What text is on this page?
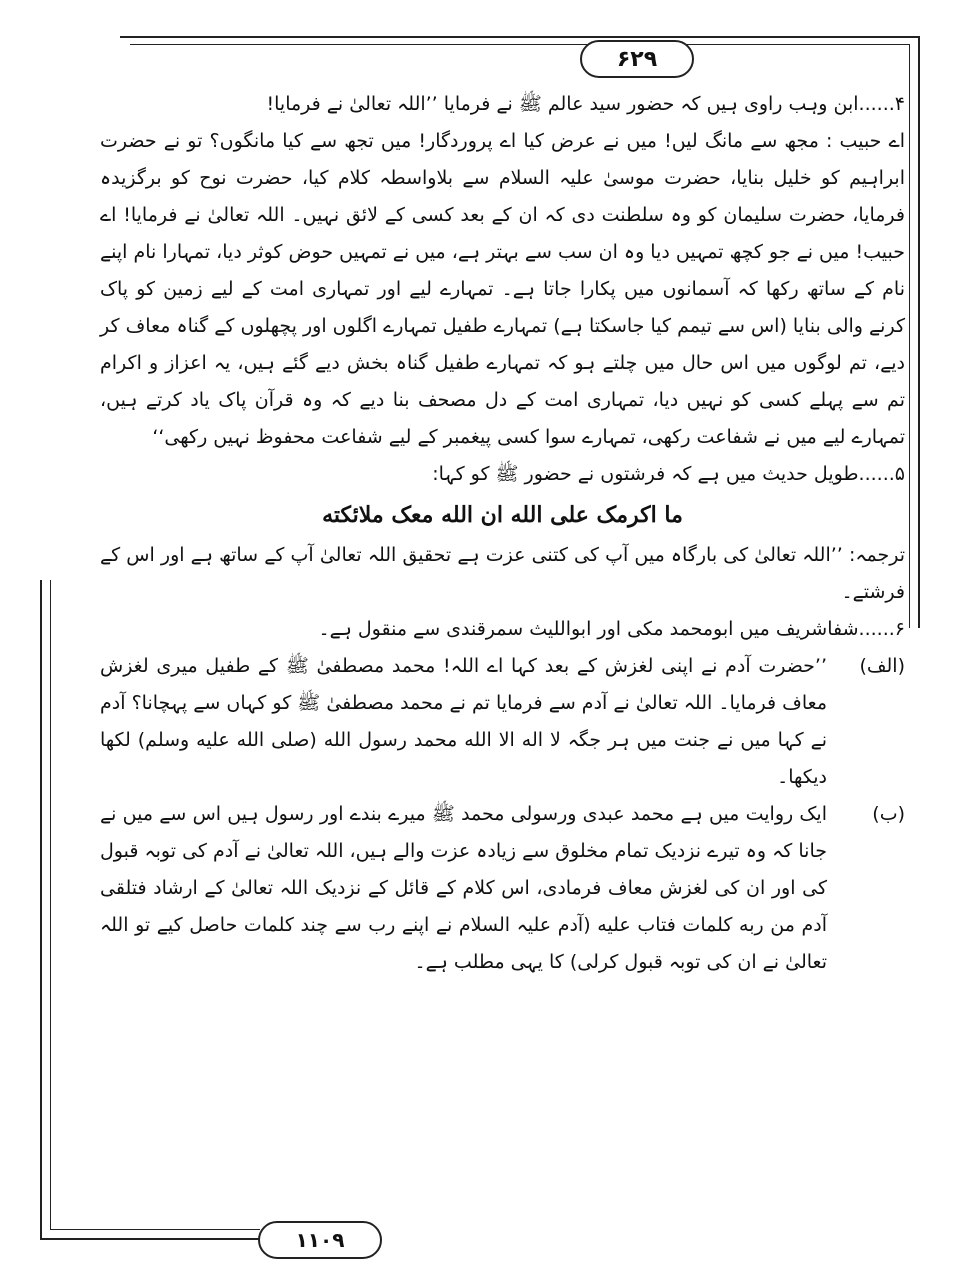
۶۲۹

۴......ابن وہب راوی ہیں کہ حضور سید عالم ﷺ نے فرمایا ’’اللہ تعالیٰ نے فرمایا!

اے حبیب : مجھ سے مانگ لیں! میں نے عرض کیا اے پروردگار! میں تجھ سے کیا مانگوں؟ تو نے حضرت ابراہیم کو خلیل بنایا، حضرت موسیٰ علیہ السلام سے بلاواسطہ کلام کیا، حضرت نوح کو برگزیدہ فرمایا، حضرت سلیمان کو وہ سلطنت دی کہ ان کے بعد کسی کے لائق نہیں۔ اللہ تعالیٰ نے فرمایا! اے حبیب! میں نے جو کچھ تمہیں دیا وہ ان سب سے بہتر ہے، میں نے تمہیں حوض کوثر دیا، تمہارا نام اپنے نام کے ساتھ رکھا کہ آسمانوں میں پکارا جاتا ہے۔ تمہارے لیے اور تمہاری امت کے لیے زمین کو پاک کرنے والی بنایا (اس سے تیمم کیا جاسکتا ہے) تمہارے طفیل تمہارے اگلوں اور پچھلوں کے گناہ معاف کر دیے، تم لوگوں میں اس حال میں چلتے ہو کہ تمہارے طفیل گناہ بخش دیے گئے ہیں، یہ اعزاز و اکرام تم سے پہلے کسی کو نہیں دیا، تمہاری امت کے دل مصحف بنا دیے کہ وہ قرآن پاک یاد کرتے ہیں، تمہارے لیے میں نے شفاعت رکھی، تمہارے سوا کسی پیغمبر کے لیے شفاعت محفوظ نہیں رکھی‘‘

۵......طویل حدیث میں ہے کہ فرشتوں نے حضور ﷺ کو کہا:

ما اکرمک علی الله ان الله معک ملائکته

ترجمہ: ’’اللہ تعالیٰ کی بارگاہ میں آپ کی کتنی عزت ہے تحقیق اللہ تعالیٰ آپ کے ساتھ ہے اور اس کے فرشتے۔

۶......شفاشریف میں ابومحمد مکی اور ابواللیث سمرقندی سے منقول ہے۔

(الف)

’’حضرت آدم نے اپنی لغزش کے بعد کہا اے اللہ! محمد مصطفیٰ ﷺ کے طفیل میری لغزش معاف فرمایا۔ اللہ تعالیٰ نے آدم سے فرمایا تم نے محمد مصطفیٰ ﷺ کو کہاں سے پہچانا؟ آدم نے کہا میں نے جنت میں ہر جگہ لا اله الا الله محمد رسول الله (صلی الله علیه وسلم) لکھا دیکھا۔

(ب)

ایک روایت میں ہے محمد عبدی ورسولی محمد ﷺ میرے بندے اور رسول ہیں اس سے میں نے جانا کہ وہ تیرے نزدیک تمام مخلوق سے زیادہ عزت والے ہیں، اللہ تعالیٰ نے آدم کی توبہ قبول کی اور ان کی لغزش معاف فرمادی، اس کلام کے قائل کے نزدیک اللہ تعالیٰ کے ارشاد فتلقی آدم من ربه کلمات فتاب علیه (آدم علیہ السلام نے اپنے رب سے چند کلمات حاصل کیے تو اللہ تعالیٰ نے ان کی توبہ قبول کرلی) کا یہی مطلب ہے۔

۱۱۰۹
